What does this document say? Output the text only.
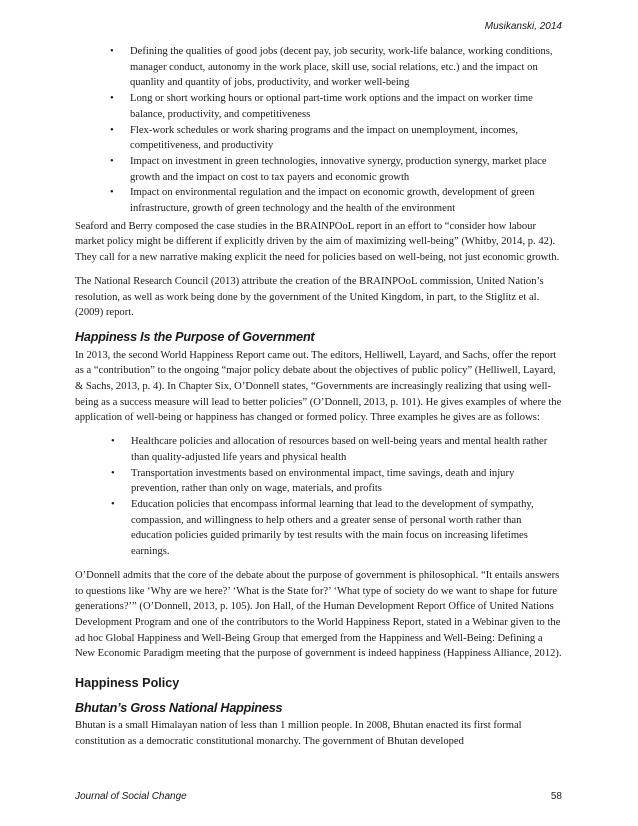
Musikanski, 2014
• Defining the qualities of good jobs (decent pay, job security, work-life balance, working conditions, manager conduct, autonomy in the work place, skill use, social relations, etc.) and the impact on quanlity and quantity of jobs, productivity, and worker well-being
• Long or short working hours or optional part-time work options and the impact on worker time balance, productivity, and competitiveness
• Flex-work schedules or work sharing programs and the impact on unemployment, incomes, competitiveness, and productivity
• Impact on investment in green technologies, innovative synergy, production synergy, market place growth and the impact on cost to tax payers and economic growth
• Impact on environmental regulation and the impact on economic growth, development of green infrastructure, growth of green technology and the health of the environment

Seaford and Berry composed the case studies in the BRAINPOoL report in an effort to “consider how labour market policy might be different if explicitly driven by the aim of maximizing well-being” (Whitby, 2014, p. 42). They call for a new narrative making explicit the need for policies based on well-being, not just economic growth.

The National Research Council (2013) attribute the creation of the BRAINPOoL commission, United Nation’s resolution, as well as work being done by the government of the United Kingdom, in part, to the Stiglitz et al. (2009) report.

Happiness Is the Purpose of Government

In 2013, the second World Happiness Report came out. The editors, Helliwell, Layard, and Sachs, offer the report as a “contribution” to the ongoing “major policy debate about the objectives of public policy” (Helliwell, Layard, & Sachs, 2013, p. 4). In Chapter Six, O’Donnell states, “Governments are increasingly realizing that using well-being as a success measure will lead to better policies” (O’Donnell, 2013, p. 101). He gives examples of where the application of well-being or happiness has changed or formed policy. Three examples he gives are as follows:

• Healthcare policies and allocation of resources based on well-being years and mental health rather than quality-adjusted life years and physical health
• Transportation investments based on environmental impact, time savings, death and injury prevention, rather than only on wage, materials, and profits
• Education policies that encompass informal learning that lead to the development of sympathy, compassion, and willingness to help others and a greater sense of personal worth rather than education policies guided primarily by test results with the main focus on increasing lifetimes earnings.

O’Donnell admits that the core of the debate about the purpose of government is philosophical. “It entails answers to questions like ‘Why are we here?’ ‘What is the State for?’ ‘What type of society do we want to shape for future generations?’” (O’Donnell, 2013, p. 105). Jon Hall, of the Human Development Report Office of United Nations Development Program and one of the contributors to the World Happiness Report, stated in a Webinar given to the ad hoc Global Happiness and Well-Being Group that emerged from the Happiness and Well-Being: Defining a New Economic Paradigm meeting that the purpose of government is indeed happiness (Happiness Alliance, 2012).

Happiness Policy
Bhutan’s Gross National Happiness

Bhutan is a small Himalayan nation of less than 1 million people. In 2008, Bhutan enacted its first formal constitution as a democratic constitutional monarchy. The government of Bhutan developed

Journal of Social Change	58
